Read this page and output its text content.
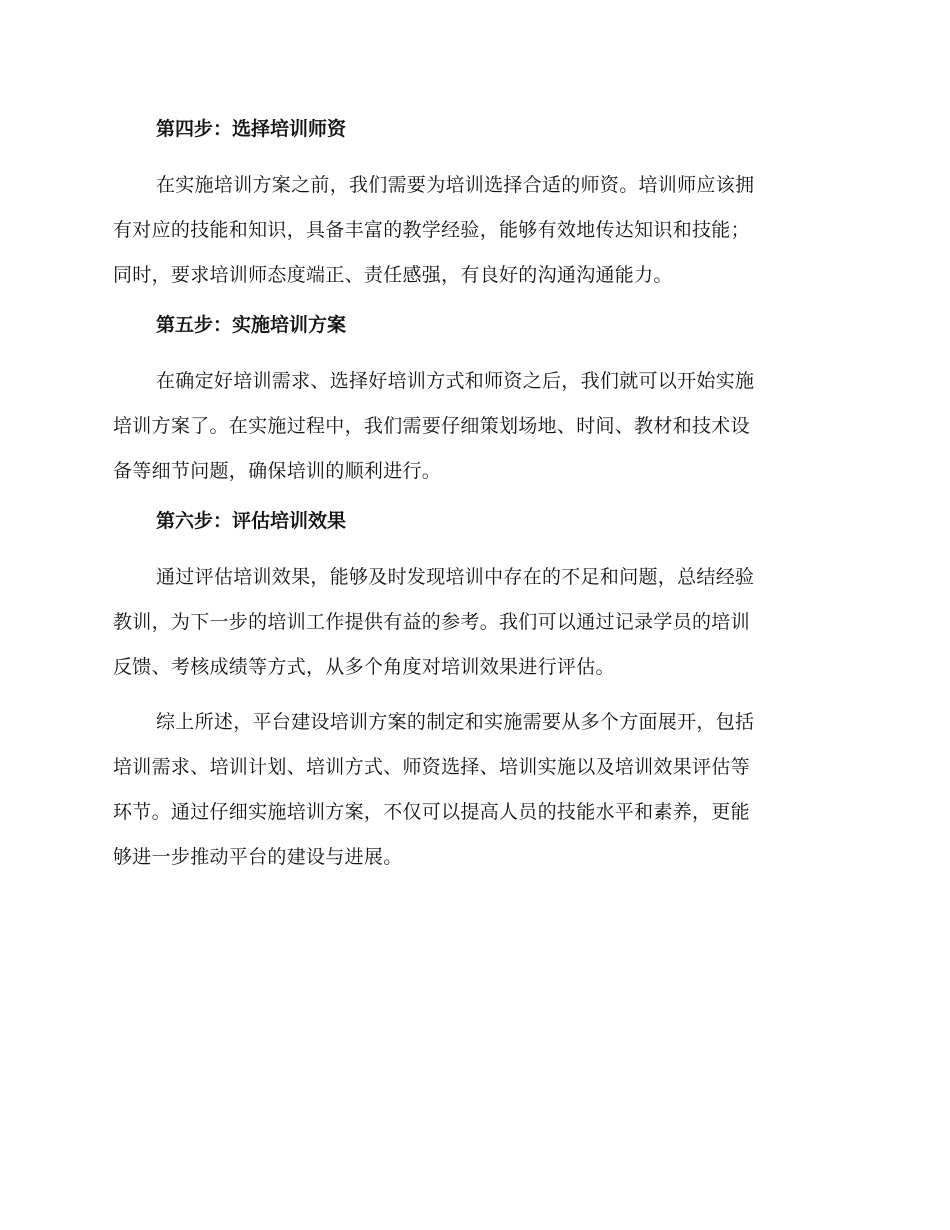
第四步：选择培训师资

在实施培训方案之前，我们需要为培训选择合适的师资。培训师应该拥
有对应的技能和知识，具备丰富的教学经验，能够有效地传达知识和技能；
同时，要求培训师态度端正、责任感强，有良好的沟通沟通能力。

第五步：实施培训方案

在确定好培训需求、选择好培训方式和师资之后，我们就可以开始实施
培训方案了。在实施过程中，我们需要仔细策划场地、时间、教材和技术设
备等细节问题，确保培训的顺利进行。

第六步：评估培训效果

通过评估培训效果，能够及时发现培训中存在的不足和问题，总结经验
教训，为下一步的培训工作提供有益的参考。我们可以通过记录学员的培训
反馈、考核成绩等方式，从多个角度对培训效果进行评估。

综上所述，平台建设培训方案的制定和实施需要从多个方面展开，包括
培训需求、培训计划、培训方式、师资选择、培训实施以及培训效果评估等
环节。通过仔细实施培训方案，不仅可以提高人员的技能水平和素养，更能
够进一步推动平台的建设与进展。
